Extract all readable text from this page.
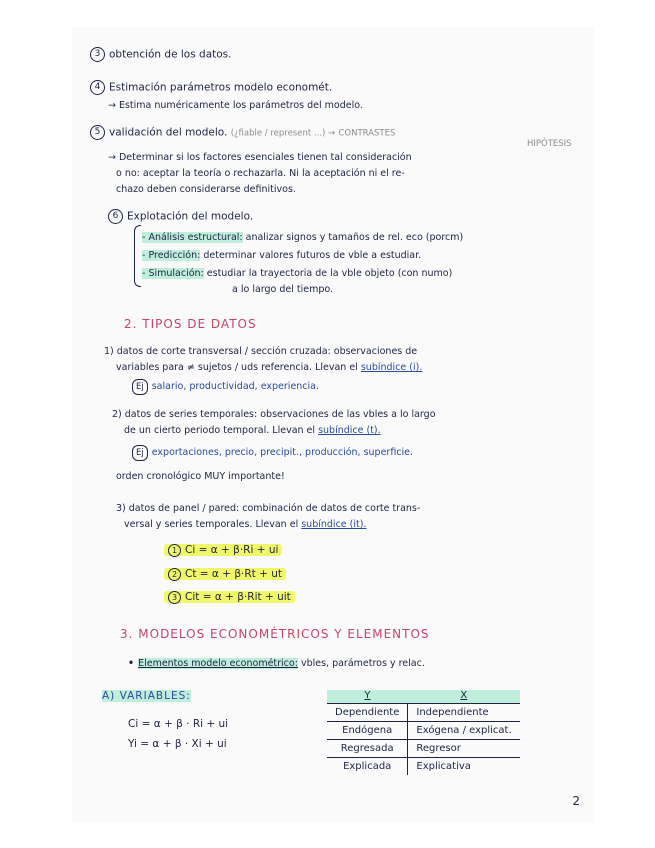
3 obtención de los datos.
4 Estimación parámetros modelo economét.
→ Estima numéricamente los parámetros del modelo.
5 validación del modelo. (¿fiable / represent ...) → CONTRASTES
HIPÓTESIS
→ Determinar si los factores esenciales tienen tal consideración
o no: aceptar la teoría o rechazarla. Ni la aceptación ni el re-
chazo deben considerarse definitivos.
6 Explotación del modelo.
- Análisis estructural: analizar signos y tamaños de rel. eco (porcm)
- Predicción: determinar valores futuros de vble a estudiar.
- Simulación: estudiar la trayectoria de la vble objeto (con numo)
a lo largo del tiempo.
2. TIPOS DE DATOS
1) datos de corte transversal / sección cruzada: observaciones de
variables para ≠ sujetos / uds referencia. Llevan el subíndice (i).
Ej salario, productividad, experiencia.
2) datos de series temporales: observaciones de las vbles a lo largo
de un cierto periodo temporal. Llevan el subíndice (t).
Ej exportaciones, precio, precipit., producción, superficie.
orden cronológico MUY importante!
3) datos de panel / pared: combinación de datos de corte trans-
versal y series temporales. Llevan el subíndice (it).
1 Ci = α + β·Ri + ui
2 Ct = α + β·Rt + ut
3 Cit = α + β·Rit + uit
3. MODELOS ECONOMÉTRICOS Y ELEMENTOS
• Elementos modelo econométrico: vbles, parámetros y relac.
A) VARIABLES:
Ci = α + β · Ri + ui
Yi = α + β · Xi + ui
Y	X
Dependiente	Independiente
Endógena	Exógena / explicat.
Regresada	Regresor
Explicada	Explicativa
2
